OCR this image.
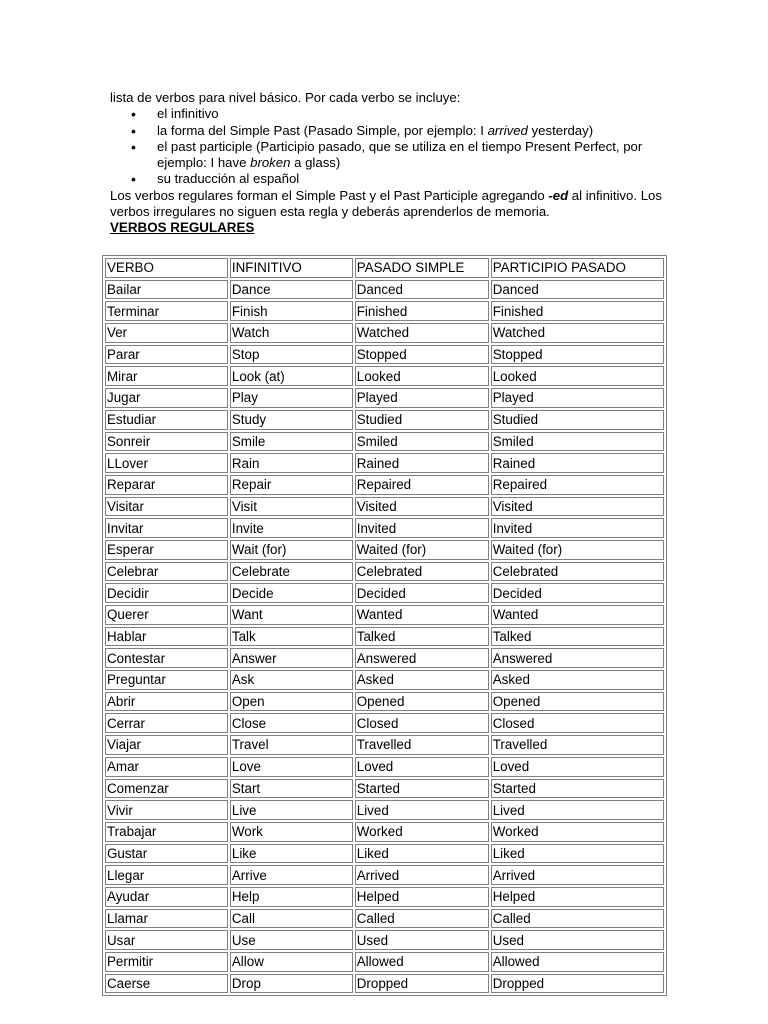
lista de verbos para nivel básico. Por cada verbo se incluye:

• el infinitivo
• la forma del Simple Past (Pasado Simple, por ejemplo: I arrived yesterday)
• el past participle (Participio pasado, que se utiliza en el tiempo Present Perfect, por ejemplo: I have broken a glass)
• su traducción al español

Los verbos regulares forman el Simple Past y el Past Participle agregando -ed al infinitivo. Los verbos irregulares no siguen esta regla y deberás aprenderlos de memoria.

VERBOS REGULARES

VERBO	INFINITIVO	PASADO SIMPLE	PARTICIPIO PASADO
Bailar	Dance	Danced	Danced
Terminar	Finish	Finished	Finished
Ver	Watch	Watched	Watched
Parar	Stop	Stopped	Stopped
Mirar	Look (at)	Looked	Looked
Jugar	Play	Played	Played
Estudiar	Study	Studied	Studied
Sonreir	Smile	Smiled	Smiled
LLover	Rain	Rained	Rained
Reparar	Repair	Repaired	Repaired
Visitar	Visit	Visited	Visited
Invitar	Invite	Invited	Invited
Esperar	Wait (for)	Waited (for)	Waited (for)
Celebrar	Celebrate	Celebrated	Celebrated
Decidir	Decide	Decided	Decided
Querer	Want	Wanted	Wanted
Hablar	Talk	Talked	Talked
Contestar	Answer	Answered	Answered
Preguntar	Ask	Asked	Asked
Abrir	Open	Opened	Opened
Cerrar	Close	Closed	Closed
Viajar	Travel	Travelled	Travelled
Amar	Love	Loved	Loved
Comenzar	Start	Started	Started
Vivir	Live	Lived	Lived
Trabajar	Work	Worked	Worked
Gustar	Like	Liked	Liked
Llegar	Arrive	Arrived	Arrived
Ayudar	Help	Helped	Helped
Llamar	Call	Called	Called
Usar	Use	Used	Used
Permitir	Allow	Allowed	Allowed
Caerse	Drop	Dropped	Dropped
